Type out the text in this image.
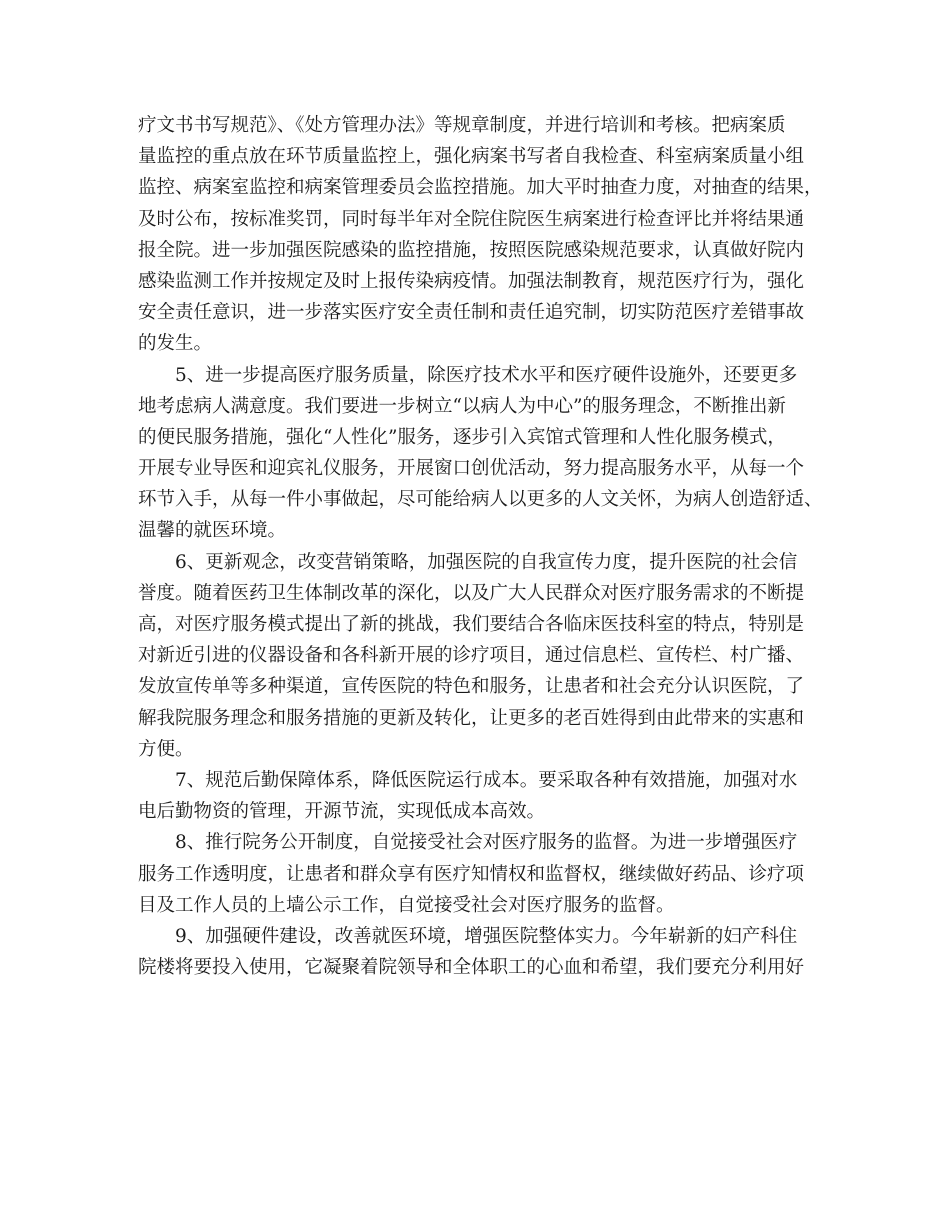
疗文书书写规范》、《处方管理办法》等规章制度，并进行培训和考核。把病案质
量监控的重点放在环节质量监控上，强化病案书写者自我检查、科室病案质量小组
监控、病案室监控和病案管理委员会监控措施。加大平时抽查力度，对抽查的结果，
及时公布，按标准奖罚，同时每半年对全院住院医生病案进行检查评比并将结果通
报全院。进一步加强医院感染的监控措施，按照医院感染规范要求，认真做好院内
感染监测工作并按规定及时上报传染病疫情。加强法制教育，规范医疗行为，强化
安全责任意识，进一步落实医疗安全责任制和责任追究制，切实防范医疗差错事故
的发生。
5、进一步提高医疗服务质量，除医疗技术水平和医疗硬件设施外，还要更多
地考虑病人满意度。我们要进一步树立“以病人为中心”的服务理念，不断推出新
的便民服务措施，强化“人性化”服务，逐步引入宾馆式管理和人性化服务模式，
开展专业导医和迎宾礼仪服务，开展窗口创优活动，努力提高服务水平，从每一个
环节入手，从每一件小事做起，尽可能给病人以更多的人文关怀，为病人创造舒适、
温馨的就医环境。
6、更新观念，改变营销策略，加强医院的自我宣传力度，提升医院的社会信
誉度。随着医药卫生体制改革的深化，以及广大人民群众对医疗服务需求的不断提
高，对医疗服务模式提出了新的挑战，我们要结合各临床医技科室的特点，特别是
对新近引进的仪器设备和各科新开展的诊疗项目，通过信息栏、宣传栏、村广播、
发放宣传单等多种渠道，宣传医院的特色和服务，让患者和社会充分认识医院，了
解我院服务理念和服务措施的更新及转化，让更多的老百姓得到由此带来的实惠和
方便。
7、规范后勤保障体系，降低医院运行成本。要采取各种有效措施，加强对水
电后勤物资的管理，开源节流，实现低成本高效。
8、推行院务公开制度，自觉接受社会对医疗服务的监督。为进一步增强医疗
服务工作透明度，让患者和群众享有医疗知情权和监督权，继续做好药品、诊疗项
目及工作人员的上墙公示工作，自觉接受社会对医疗服务的监督。
9、加强硬件建设，改善就医环境，增强医院整体实力。今年崭新的妇产科住
院楼将要投入使用，它凝聚着院领导和全体职工的心血和希望，我们要充分利用好
